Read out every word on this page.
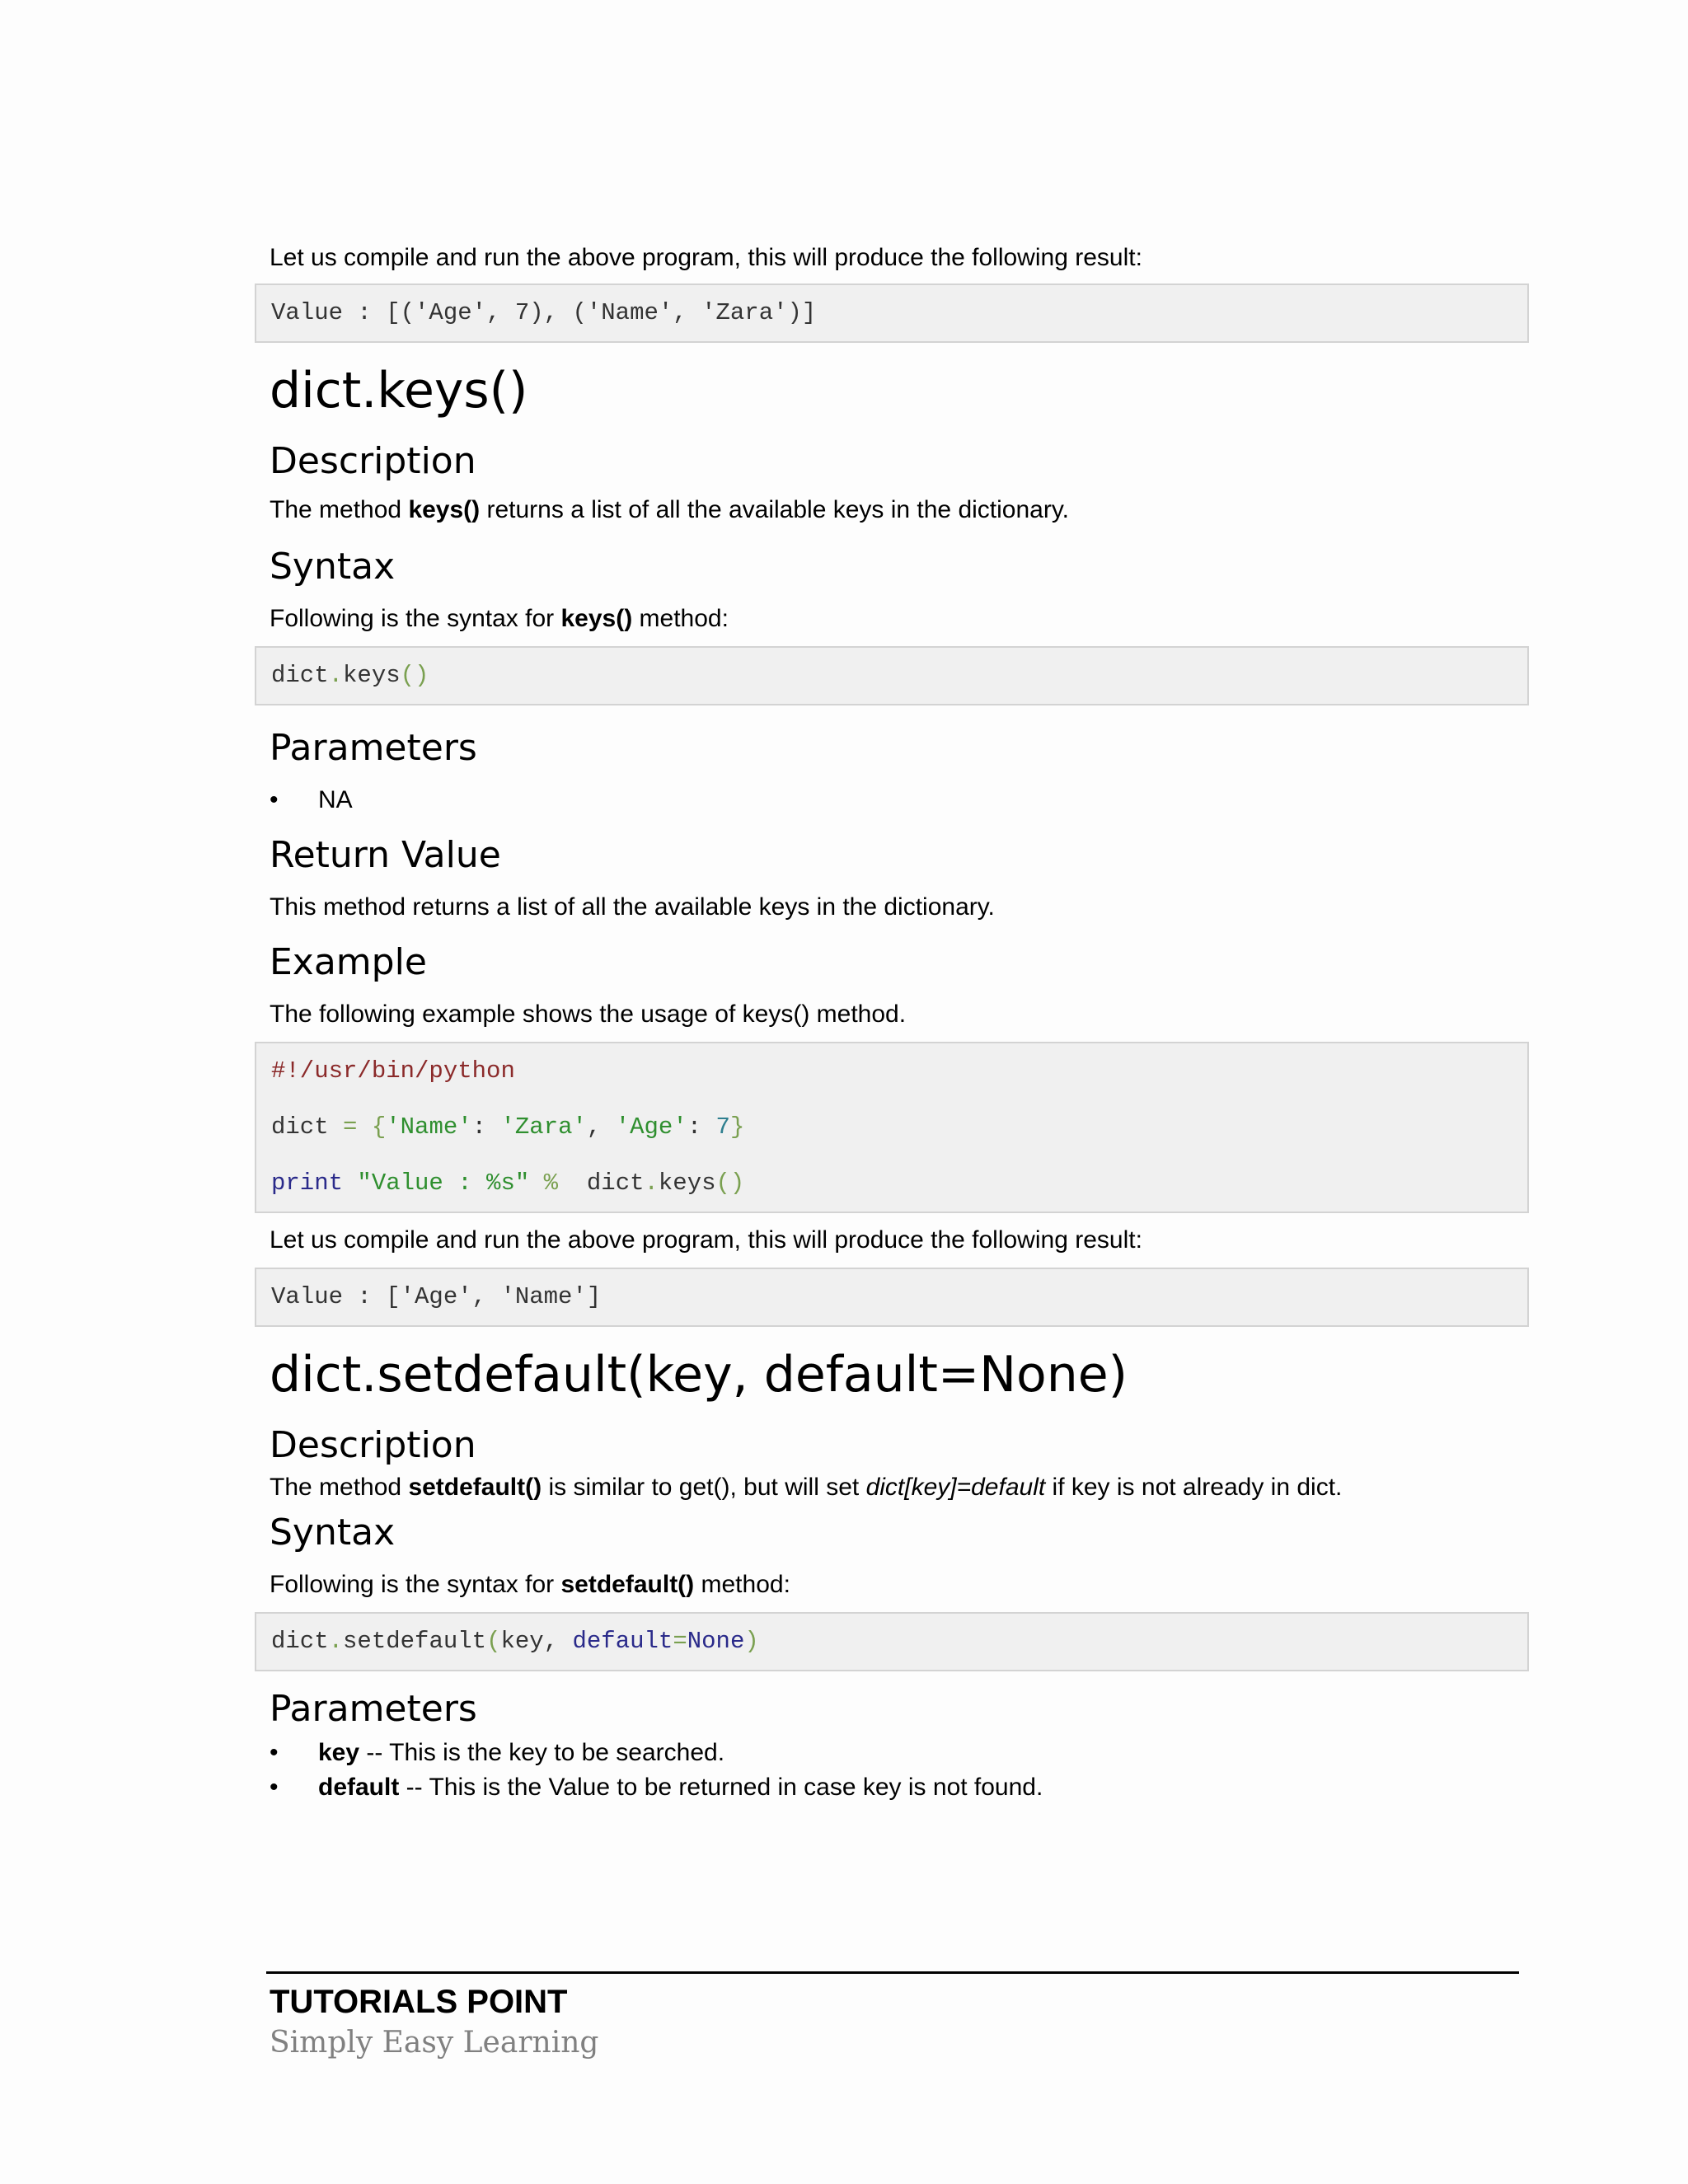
Let us compile and run the above program, this will produce the following result:

Value : [('Age', 7), ('Name', 'Zara')]
dict.keys()
Description

The method keys() returns a list of all the available keys in the dictionary.

Syntax

Following is the syntax for keys() method:

dict.keys()
Parameters
• NA
Return Value

This method returns a list of all the available keys in the dictionary.

Example

The following example shows the usage of keys() method.

#!/usr/bin/python
dict = {'Name': 'Zara', 'Age': 7}
print "Value : %s" %  dict.keys()

Let us compile and run the above program, this will produce the following result:

Value : ['Age', 'Name']
dict.setdefault(key, default=None)
Description

The method setdefault() is similar to get(), but will set dict[key]=default if key is not already in dict.

Syntax

Following is the syntax for setdefault() method:

dict.setdefault(key, default=None)
Parameters
• key -- This is the key to be searched.
• default -- This is the Value to be returned in case key is not found.
TUTORIALS POINT
Simply Easy Learning
